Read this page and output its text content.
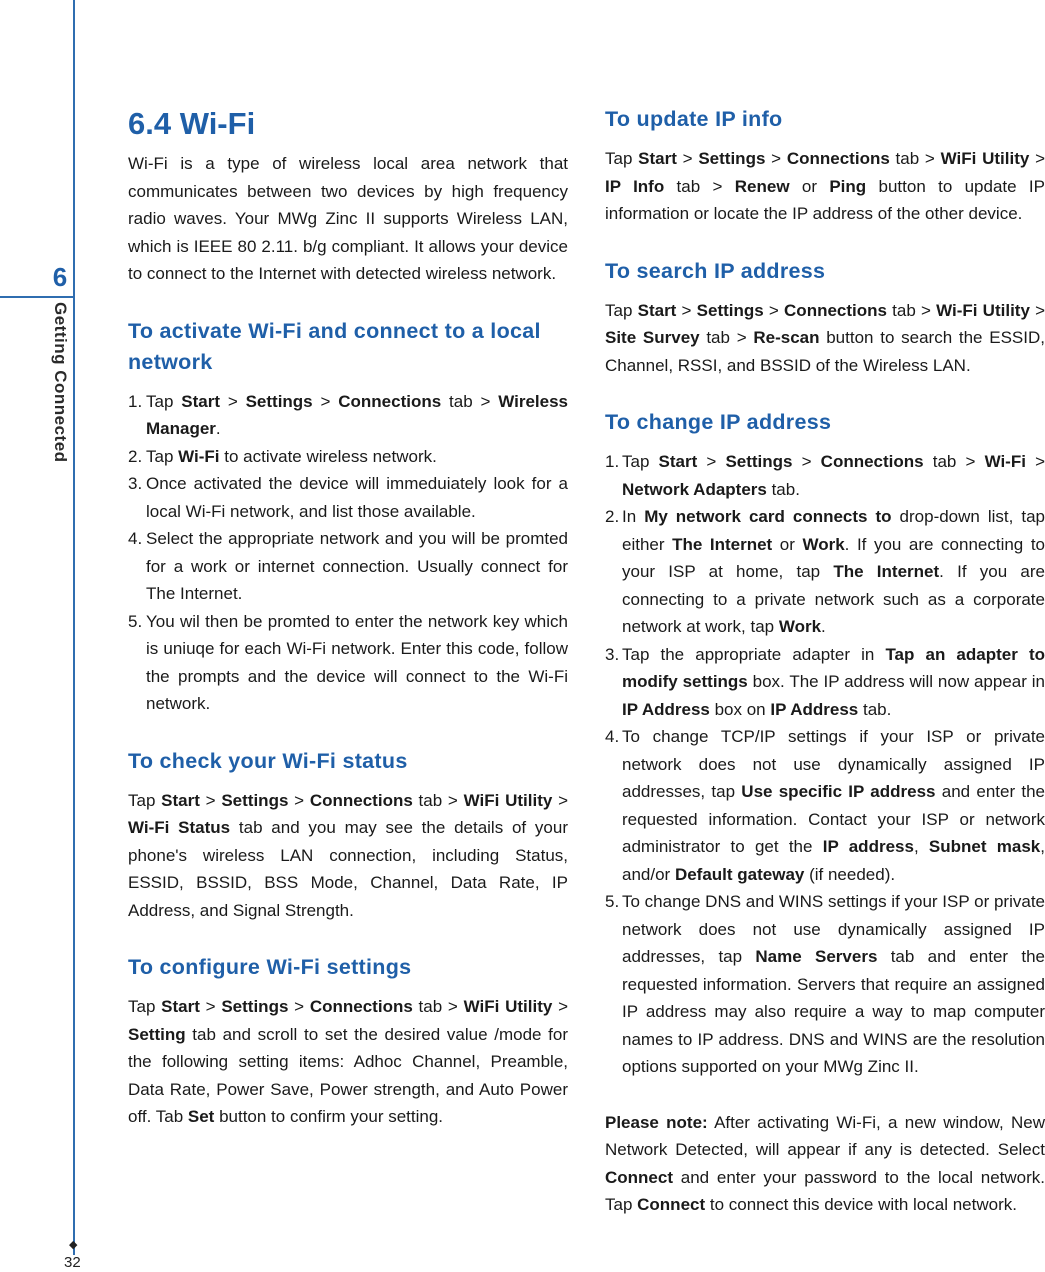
6
Getting Connected
◆
32
6.4 Wi-Fi

Wi-Fi is a type of wireless local area network that communicates between two devices by high frequency radio waves. Your MWg Zinc II supports Wireless LAN, which is IEEE 80 2.11. b/g compliant. It allows your device to connect to the Internet with detected wireless network.

To activate Wi-Fi and connect to a local network
1. Tap Start > Settings > Connections tab > Wireless Manager.
2. Tap Wi-Fi to activate wireless network.
3. Once activated the device will immeduiately look for a local Wi-Fi network, and list those available.
4. Select the appropriate network and you will be promted for a work or internet connection. Usually connect for The Internet.
5. You wil then be promted to enter the network key which is uniuqe for each Wi-Fi network. Enter this code, follow the prompts and the device will connect to the Wi-Fi network.
To check your Wi-Fi status

Tap Start > Settings > Connections tab > WiFi Utility > Wi-Fi Status tab and you may see the details of your phone's wireless LAN connection, including Status, ESSID, BSSID, BSS Mode, Channel, Data Rate, IP Address, and Signal Strength.

To configure Wi-Fi settings

Tap Start > Settings > Connections tab > WiFi Utility > Setting tab and scroll to set the desired value /mode for the following setting items: Adhoc Channel, Preamble, Data Rate, Power Save, Power strength, and Auto Power off. Tab Set button to confirm your setting.

To update IP info

Tap Start > Settings > Connections tab > WiFi Utility > IP Info tab > Renew or Ping button to update IP information or locate the IP address of the other device.

To search IP address

Tap Start > Settings > Connections tab > Wi-Fi Utility > Site Survey tab > Re-scan button to search the ESSID, Channel, RSSI, and BSSID of the Wireless LAN.

To change IP address
1. Tap Start > Settings > Connections tab > Wi-Fi > Network Adapters tab.
2. In My network card connects to drop-down list, tap either The Internet or Work. If you are connecting to your ISP at home, tap The Internet. If you are connecting to a private network such as a corporate network at work, tap Work.
3. Tap the appropriate adapter in Tap an adapter to modify settings box. The IP address will now appear in IP Address box on IP Address tab.
4. To change TCP/IP settings if your ISP or private network does not use dynamically assigned IP addresses, tap Use specific IP address and enter the requested information. Contact your ISP or network administrator to get the IP address, Subnet mask, and/or Default gateway (if needed).
5. To change DNS and WINS settings if your ISP or private network does not use dynamically assigned IP addresses, tap Name Servers tab and enter the requested information. Servers that require an assigned IP address may also require a way to map computer names to IP address. DNS and WINS are the resolution options supported on your MWg Zinc II.

Please note: After activating Wi-Fi, a new window, New Network Detected, will appear if any is detected. Select Connect and enter your password to the local network. Tap Connect to connect this device with local network.
